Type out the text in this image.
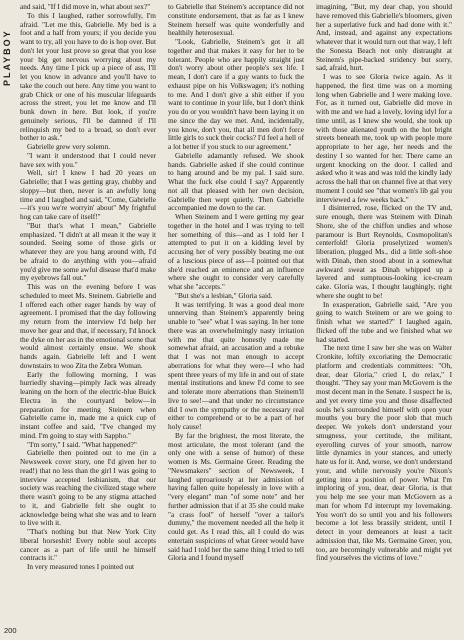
PLAYBOY

and said, "If I did move in, what about sex?"

To this I laughed, rather sorrowfully, I'm afraid. "Let me this, Gabrielle. My bed is a foot and a half from yours; if you decide you want to try, all you have to do is hop over. But don't let your lust prove so great that you lose your big get nervous worrying about my needs. Any time I pick up a piece of ass, I'll let you know in advance and you'll have to take the couch out here. Any time you want to grab Chick or one of his muscular lifeguards across the street, you let me know and I'll bunk down in here. But look, if you're genuinely serious, I'll be damned if I'll relinquish my bed to a broad, so don't ever bother to ask."

Gabrielle grew very solemn.

"I want it understood that I could never have sex with you."

Well, sir! I knew I had 20 years on Gabrielle; that I was getting gray, chubby and sloppy—but then, never is an awfully long time and I laughed and said, "Come, Gabrielle—it's you we're worryin' about" My frightful hog can take care of itself!"

"But that's what I mean," Gabrielle emphasized. "I didn't at all mean it the way it sounded. Seeing some of those girls or whatever they are you hang around with, I'd be afraid to do anything with you—afraid you'd give me some awful disease that'd make my eyebrows fall out."

This was on the evening before I was scheduled to meet Ms. Steinem. Gabrielle and I offered each other eager hands by way of agreement. I promised that the day following my return from the interview I'd help her move her gear and that, if necessary, I'd knock the dyke on her ass in the emotional scene that would almost certainly ensue. We shook hands again. Gabrielle left and I went downstairs to woo Zita the Zebra Woman.

Early the following morning, I was hurriedly shaving—pimply Jack was already leaning on the horn of the electric-blue Buick Electra in the courtyard below—in preparation for meeting Steinem when Gabrielle came in, made me a quick cup of instant coffee and said, "I've changed my mind. I'm going to stay with Sappho."

"I'm sorry," I said. "What happened?"

Gabrielle then pointed out to me (in a Newsweek cover story, one I'd given her to read!) that no less than the girl I was going to interview accepted lesbianism, that our society was reaching the civilized stage where there wasn't going to be any stigma attached to it, and Gabrielle felt she ought to acknowledge being what she was and to learn to live with it.

"That's nothing but that New York City liberal horseshit! Every noble soul accepts cancer as a part of life until he himself contracts it."

In very measured tones I pointed out

to Gabrielle that Steinem's acceptance did not constitute endorsement, that as far as I knew Steinem herself was quite wonderfully and healthily heterosexual.

"Look, Gabrielle, Steinem's got it all together and that makes it easy for her to be tolerant. People who are happily straight just don't worry about other people's sex life. I mean, I don't care if a guy wants to fuck the exhaust pipe on his Volkswagen; it's nothing to me. And I don't give a shit either if you want to continue in your life, but I don't think you do or you wouldn't have been laying it on me since the day we met. And, incidentally, you know, don't you, that all men don't force little girls to suck their cocks? I'd feel a hell of a lot better if you stuck to our agreement."

Gabrielle adamantly refused. We shook hands. Gabrielle asked if she could continue to hang around and be my pal. I said sure. What the fuck else could I say? Apparently not all that pleased with her own decision, Gabrielle then wept quietly. Then Gabrielle accompanied me down to the car.

When Steinem and I were getting my gear together in the hotel and I was trying to tell her something of this—and as I told her I attempted to put it on a kidding level by accusing her of very possibly beating me out of a luscious piece of ass—I pointed out that she'd reached an eminence and an influence where she ought to consider very carefully what she "accepts."

"But she's a lesbian," Gloria said.

It was terrifying. It was a good deal more unnerving than Steinem's apparently being unable to "see" what I was saying. In her tone there was an overwhelmingly nasty irritation with me that quite honestly made me somewhat afraid, an accusation and a rebuke that I was not man enough to accept aberrations for what they were—I who had spent three years of my life in and out of state mental institutions and knew I'd come to see and tolerate more aberrations than Steinem'll live to see!—and that under no circumstance did I own the sympathy or the necessary real either to comprehend or to be a part of her holy cause!

By far the brightest, the most literate, the most articulate, the most tolerant (and the only one with a sense of humor) of these women is Ms. Germaine Greer. Reading the "Newsmakers" section of Newsweek, I laughed uproariously at her admission of having fallen quite hopelessly in love with a "very elegant" man "of some note" and her further admission that if at 35 she could make "a crass fool" of herself "over a tailor's dummy," the movement needed all the help it could get. As I read this, all I could do was entertain suspicions of what Greer would have said had I told her the same thing I tried to tell Gloria and I found myself

imagining, "But, my dear chap, you should have removed this Gabrielle's bloomers, given her a superlative fuck and had done with it." And, instead, and against any expectations whatever that it would turn out that way, I left the Sonesta Beach not only distraught at Steinem's pipe-backed stridency but sorry, sad, afraid, hurt.

I was to see Gloria twice again. As it happened, the first time was on a morning long when Gabrielle and I were making love. For, as it turned out, Gabrielle did move in with me and we had a lovely, loving idyl for a time until, as I knew she would, she took up with those alienated youth on the hot bright streets beneath me, took up with people more appropriate to her age, her needs and the destiny I so wanted for her. There came an urgent knocking on the door. I called and asked who it was and was told the kindly lady across the hall that on channel five at that very moment I could see "that women's lib gal you interviewed a few weeks back."

I disinterred, rose, flicked on the TV and, sure enough, there was Steinem with Dinah Shore, she of the chiffon undies and whose paramour is Burt Reynolds, Cosmopolitan's centerfold! Gloria proselytized women's liberation, plugged Ms., did a little soft-shoe with Dinah, then stood about in a somewhat awkward sweat as Dinah whipped up a layered and sumptuous-looking ice-cream cake. Gloria was, I thought laughingly, right where she ought to be!

In exasperation, Gabrielle said, "Are you going to watch Steinem or are we going to finish what we started?" I laughed again, flicked off the tube and we finished what we had started.

The next time I saw her she was on Walter Cronkite, loftily excoriating the Democratic platform and credentials committees: "Oh, dear, dear Gloria," cried I, do relax," I thought. "They say your man McGovern is the most decent man in the Senate. I suspect he is, and yet every time you and those disaffected souls he's surrounded himself with open your mouths you bury the poor slob that much deeper. We yokels don't understand your smugness, your certitude, the militant, eyerolling curves of your smooth, narrow little dynamics in your stances, and utterly hate us for it. And, worse, we don't understand your, and while nervously you're Nixon's getting into a position of power. What I'm imploring of you, dear, dear Gloria, is that you help me see your man McGovern as a man for whom I'd interrupt my lovemaking. You won't do so until you and his followers become a lot less brassily strident, until I detect in your demeanors at least a tacit admission that, like Ms. Germaine Greer, you, too, are becomingly vulnerable and might yet find yourselves the victims of love."

200
